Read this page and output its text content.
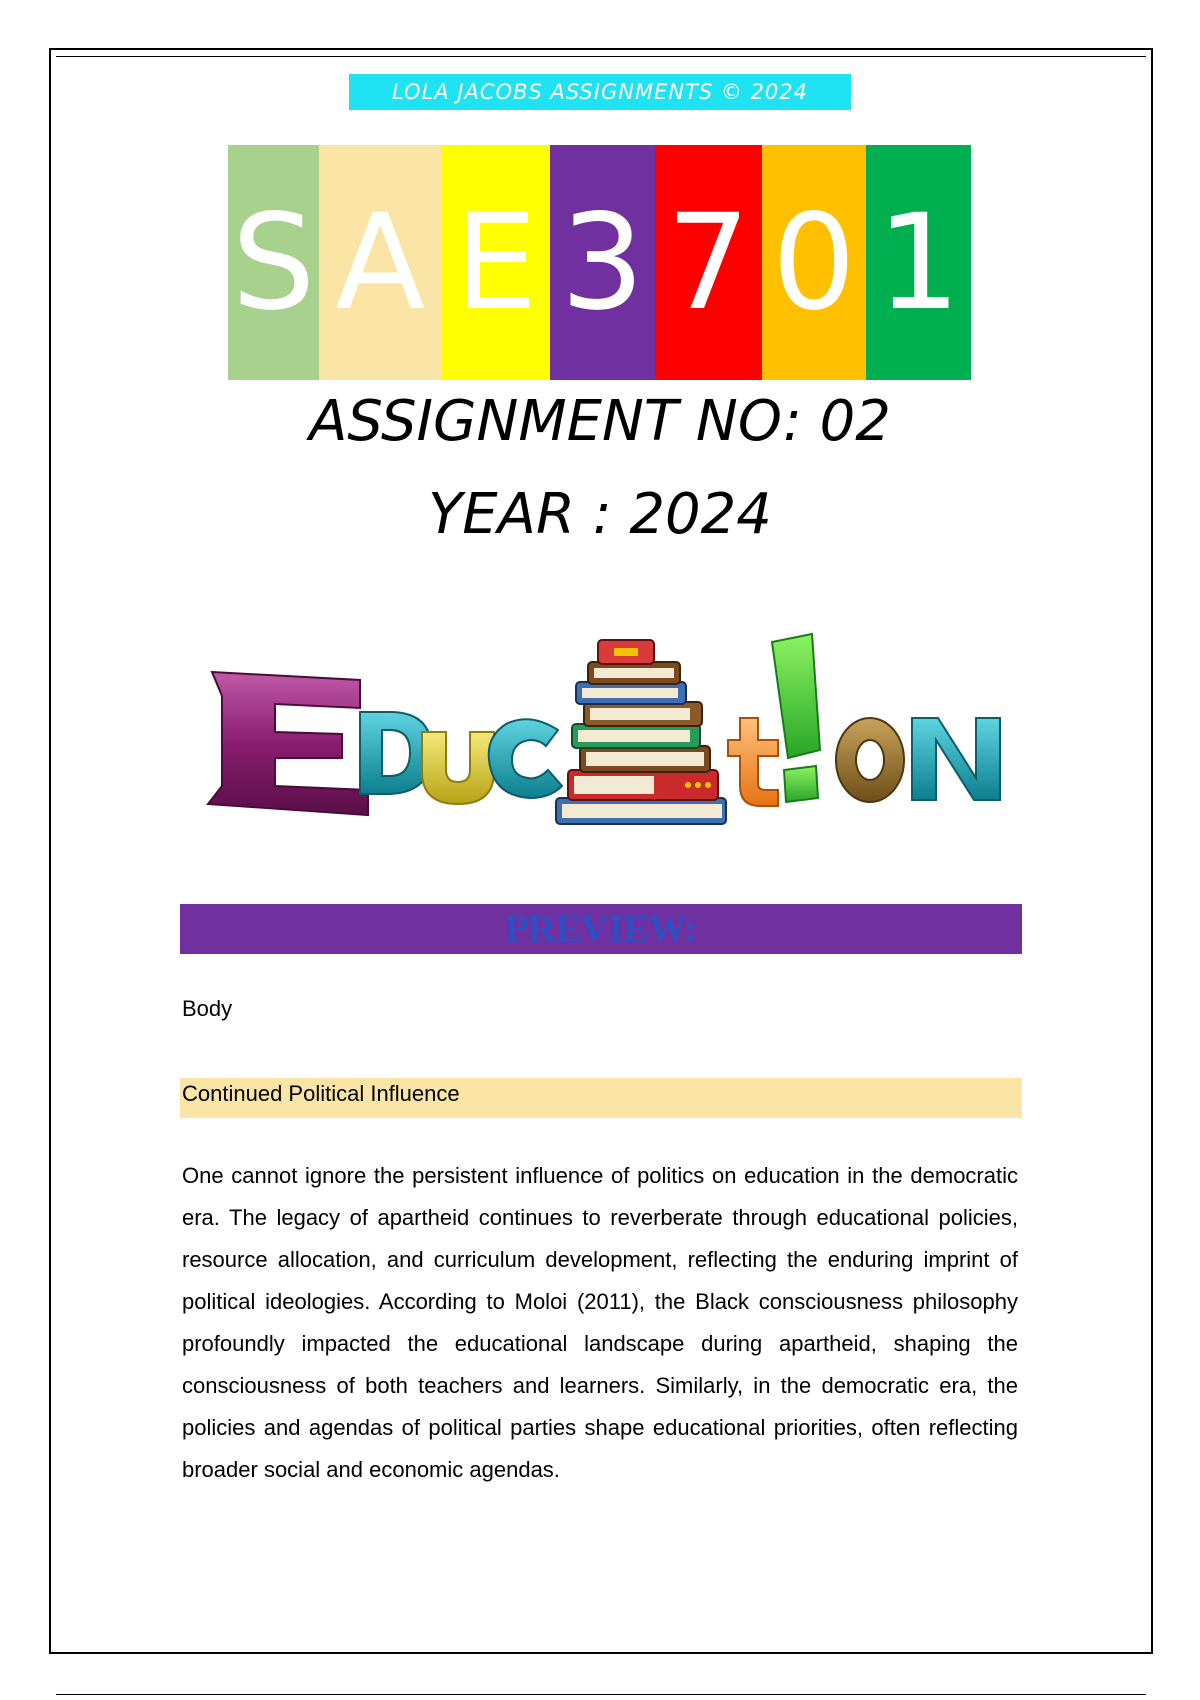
LOLA JACOBS ASSIGNMENTS © 2024
S A E 3 7 0 1
ASSIGNMENT NO: 02
YEAR : 2024
PREVIEW:
Body
Continued Political Influence

One cannot ignore the persistent influence of politics on education in the democratic era. The legacy of apartheid continues to reverberate through educational policies, resource allocation, and curriculum development, reflecting the enduring imprint of political ideologies. According to Moloi (2011), the Black consciousness philosophy profoundly impacted the educational landscape during apartheid, shaping the consciousness of both teachers and learners. Similarly, in the democratic era, the policies and agendas of political parties shape educational priorities, often reflecting broader social and economic agendas.
